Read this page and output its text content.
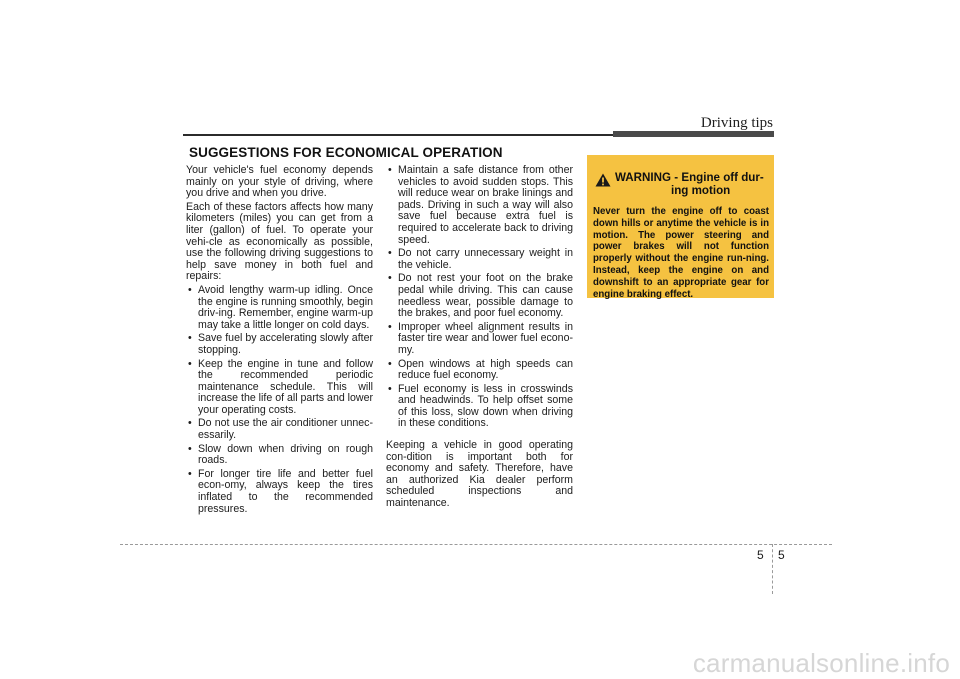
Driving tips
SUGGESTIONS FOR ECONOMICAL OPERATION

Your vehicle's fuel economy depends mainly on your style of driving, where you drive and when you drive.

Each of these factors affects how many kilometers (miles) you can get from a liter (gallon) of fuel. To operate your vehi-cle as economically as possible, use the following driving suggestions to help save money in both fuel and repairs:

• Avoid lengthy warm-up idling. Once the engine is running smoothly, begin driv-ing. Remember, engine warm-up may take a little longer on cold days.
• Save fuel by accelerating slowly after stopping.
• Keep the engine in tune and follow the recommended periodic maintenance schedule. This will increase the life of all parts and lower your operating costs.
• Do not use the air conditioner unnec-essarily.
• Slow down when driving on rough roads.
• For longer tire life and better fuel econ-omy, always keep the tires inflated to the recommended pressures.
• Maintain a safe distance from other vehicles to avoid sudden stops. This will reduce wear on brake linings and pads. Driving in such a way will also save fuel because extra fuel is required to accelerate back to driving speed.
• Do not carry unnecessary weight in the vehicle.
• Do not rest your foot on the brake pedal while driving. This can cause needless wear, possible damage to the brakes, and poor fuel economy.
• Improper wheel alignment results in faster tire wear and lower fuel econo-my.
• Open windows at high speeds can reduce fuel economy.
• Fuel economy is less in crosswinds and headwinds. To help offset some of this loss, slow down when driving in these conditions.

Keeping a vehicle in good operating con-dition is important both for economy and safety. Therefore, have an authorized Kia dealer perform scheduled inspections and maintenance.

WARNING - Engine off dur-
ing motion
Never turn the engine off to coast down hills or anytime the vehicle is in motion. The power steering and power brakes will not function properly without the engine run-ning. Instead, keep the engine on and downshift to an appropriate gear for engine braking effect.
5 5
carmanualsonline.info
